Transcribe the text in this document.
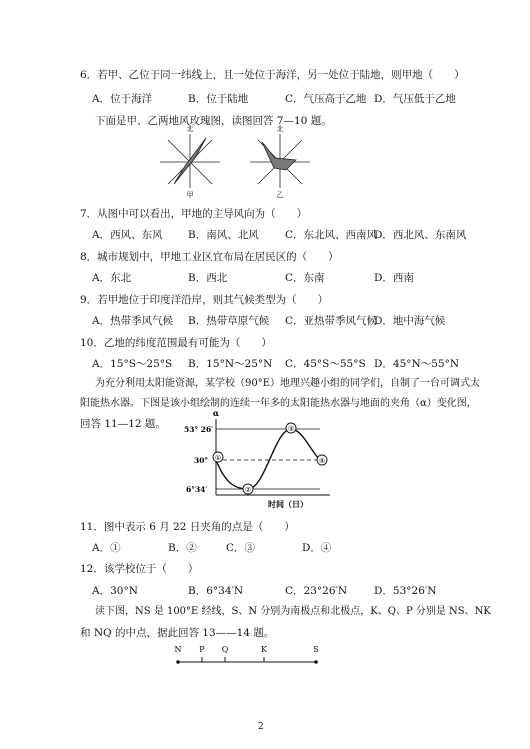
6．若甲、乙位于同一纬线上，且一处位于海洋，另一处位于陆地，则甲地（　　）
A．位于海洋	B．位于陆地	C．气压高于乙地 D．气压低于乙地
下面是甲、乙两地风玫瑰图，读图回答 7—10 题。
北
甲
北
乙
7．从图中可以看出，甲地的主导风向为（　　）
A．西风、东风 B．南风、北风	C．东北风、西南风
D．西北风、东南风
8．城市规划中，甲地工业区宜布局在居民区的（　　）
A．东北	B．西北	C．东南	D．西南
9．若甲地位于印度洋沿岸，则其气候类型为（　　）
A．热带季风气候 B．热带草原气候 C．亚热带季风气候
D．地中海气候
10．乙地的纬度范围最有可能为（　　）
A．15°S～25°S B．15°N～25°N C．45°S～55°S D．45°N～55°N
为充分利用太阳能资源，某学校（90°E）地理兴趣小组的同学们，自制了一台可调式太
阳能热水器。下图是该小组绘制的连续一年多的太阳能热水器与地面的夹角（α）变化图，
回答 11—12 题。
α
53° 26′
30°
6°34′
①
②
③
④
时间（日）
11．图中表示 6 月 22 日夹角的点是（　　）
A．①	B．②	C．③	D．④
12．该学校位于（　　）
A．30°N	B．6°34′N	C．23°26′N	D．53°26′N
读下图，NS 是 100°E 经线，S、N 分别为南极点和北极点，K、Q、P 分别是 NS、NK
和 NQ 的中点，据此回答 13——14 题。
N P Q	K	S
2
